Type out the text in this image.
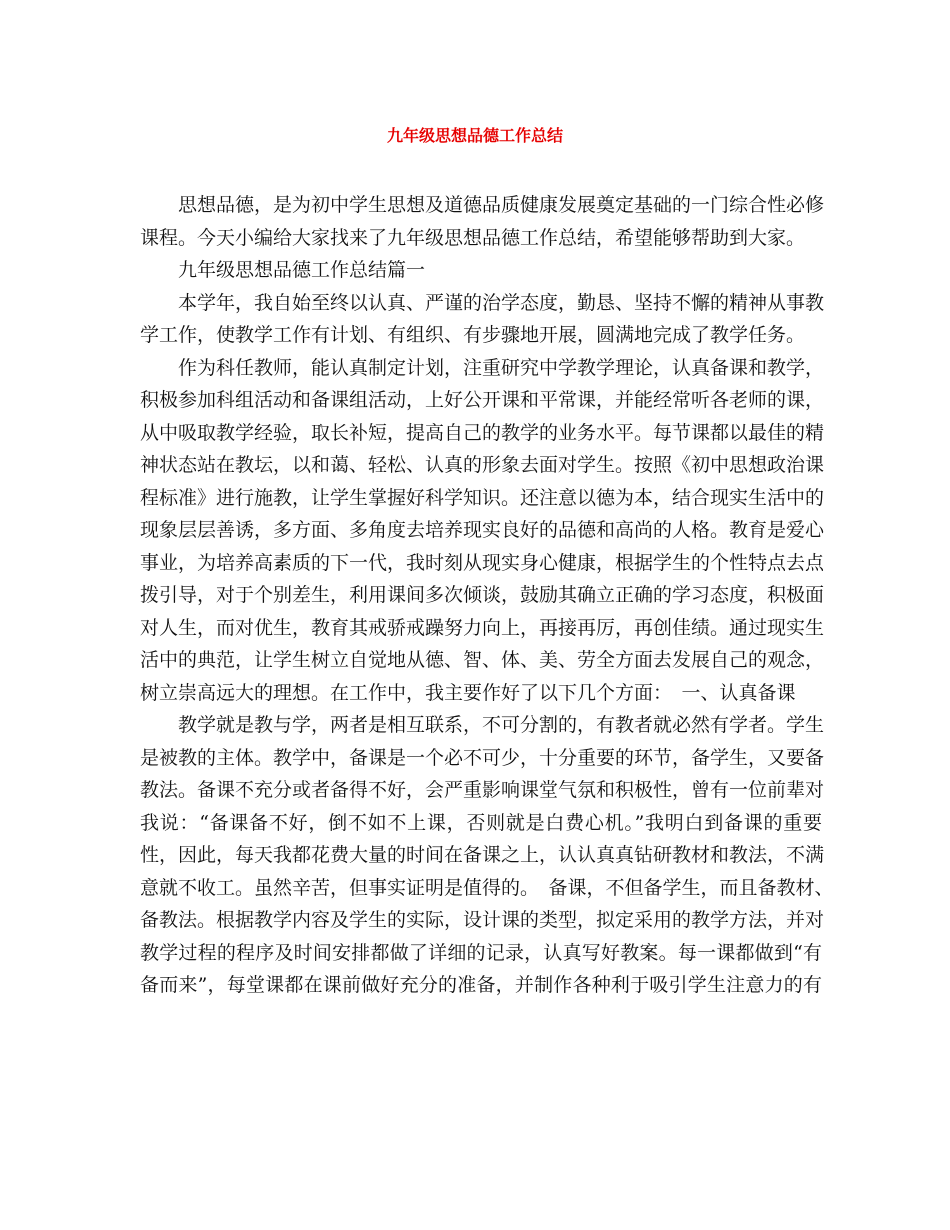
九年级思想品德工作总结
思想品德，是为初中学生思想及道德品质健康发展奠定基础的一门综合性必修
课程。今天小编给大家找来了九年级思想品德工作总结，希望能够帮助到大家。
九年级思想品德工作总结篇一
本学年，我自始至终以认真、严谨的治学态度，勤恳、坚持不懈的精神从事教
学工作，使教学工作有计划、有组织、有步骤地开展，圆满地完成了教学任务。
作为科任教师，能认真制定计划，注重研究中学教学理论，认真备课和教学，
积极参加科组活动和备课组活动，上好公开课和平常课，并能经常听各老师的课，
从中吸取教学经验，取长补短，提高自己的教学的业务水平。每节课都以最佳的精
神状态站在教坛，以和蔼、轻松、认真的形象去面对学生。按照《初中思想政治课
程标准》进行施教，让学生掌握好科学知识。还注意以德为本，结合现实生活中的
现象层层善诱，多方面、多角度去培养现实良好的品德和高尚的人格。教育是爱心
事业，为培养高素质的下一代，我时刻从现实身心健康，根据学生的个性特点去点
拨引导，对于个别差生，利用课间多次倾谈，鼓励其确立正确的学习态度，积极面
对人生，而对优生，教育其戒骄戒躁努力向上，再接再厉，再创佳绩。通过现实生
活中的典范，让学生树立自觉地从德、智、体、美、劳全方面去发展自己的观念，
树立崇高远大的理想。在工作中，我主要作好了以下几个方面：　一、认真备课
教学就是教与学，两者是相互联系，不可分割的，有教者就必然有学者。学生
是被教的主体。教学中，备课是一个必不可少，十分重要的环节，备学生，又要备
教法。备课不充分或者备得不好，会严重影响课堂气氛和积极性，曾有一位前辈对
我说：“备课备不好，倒不如不上课，否则就是白费心机。”我明白到备课的重要
性，因此，每天我都花费大量的时间在备课之上，认认真真钻研教材和教法，不满
意就不收工。虽然辛苦，但事实证明是值得的。　备课，不但备学生，而且备教材、
备教法。根据教学内容及学生的实际，设计课的类型，拟定采用的教学方法，并对
教学过程的程序及时间安排都做了详细的记录，认真写好教案。每一课都做到“有
备而来”，每堂课都在课前做好充分的准备，并制作各种利于吸引学生注意力的有
